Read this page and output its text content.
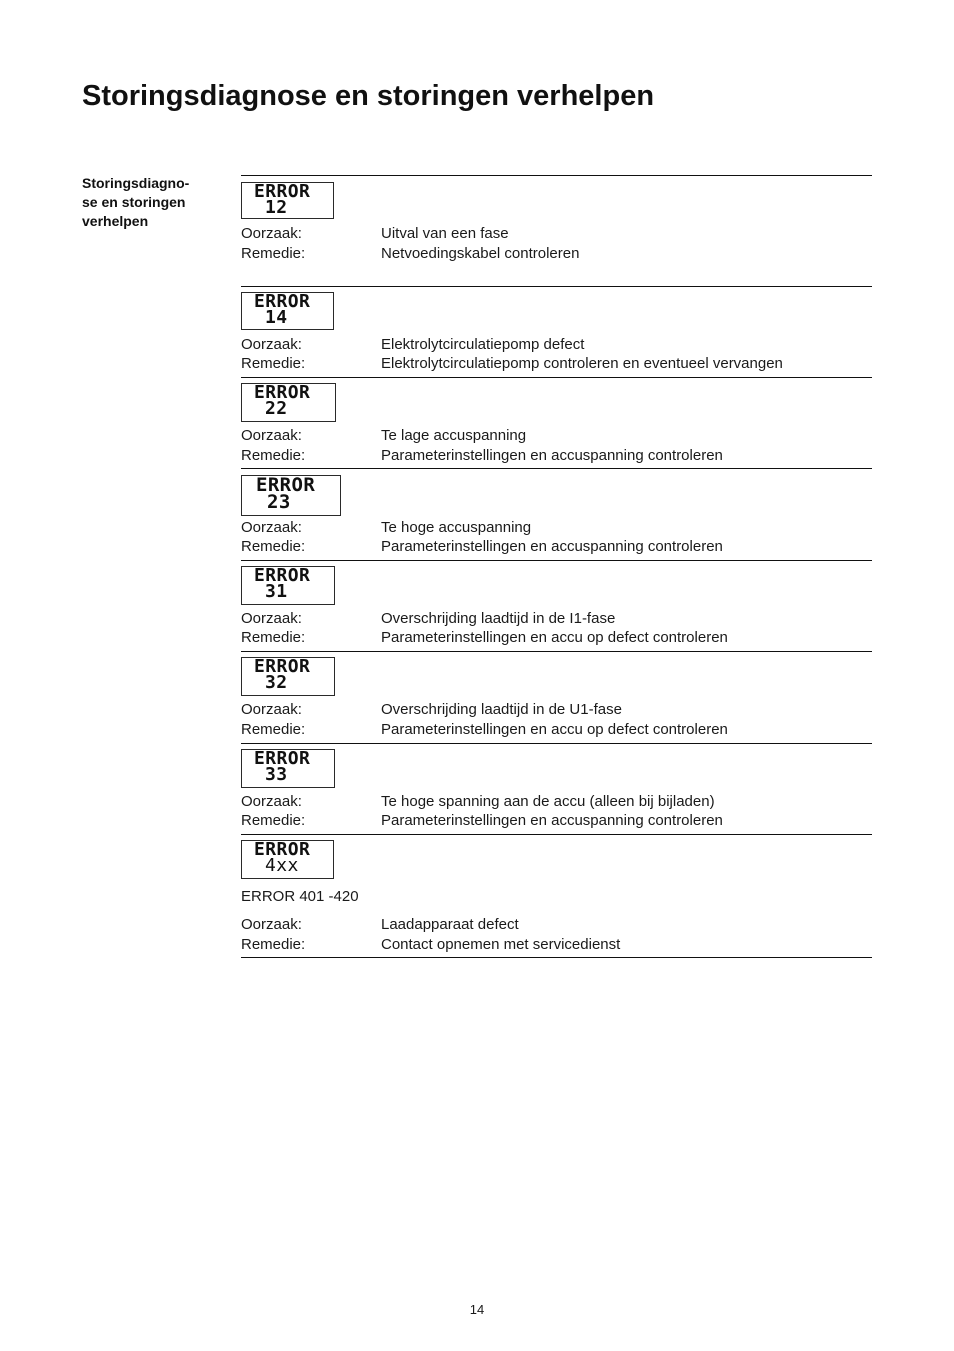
Storingsdiagnose en storingen verhelpen
Storingsdiagno-
se en storingen
verhelpen
ERROR
12
Oorzaak:	Uitval van een fase
Remedie:	Netvoedingskabel controleren
ERROR
14
Oorzaak:	Elektrolytcirculatiepomp defect
Remedie:	Elektrolytcirculatiepomp controleren en eventueel vervangen
ERROR
22
Oorzaak:	Te lage accuspanning
Remedie:	Parameterinstellingen en accuspanning controleren
ERROR
23
Oorzaak:	Te hoge accuspanning
Remedie:	Parameterinstellingen en accuspanning controleren
ERROR
31
Oorzaak:	Overschrijding laadtijd in de I1-fase
Remedie:	Parameterinstellingen en accu op defect controleren
ERROR
32
Oorzaak:	Overschrijding laadtijd in de U1-fase
Remedie:	Parameterinstellingen en accu op defect controleren
ERROR
33
Oorzaak:	Te hoge spanning aan de accu (alleen bij bijladen)
Remedie:	Parameterinstellingen en accuspanning controleren
ERROR
4xx
ERROR 401 -420
Oorzaak:	Laadapparaat defect
Remedie:	Contact opnemen met servicedienst
14
